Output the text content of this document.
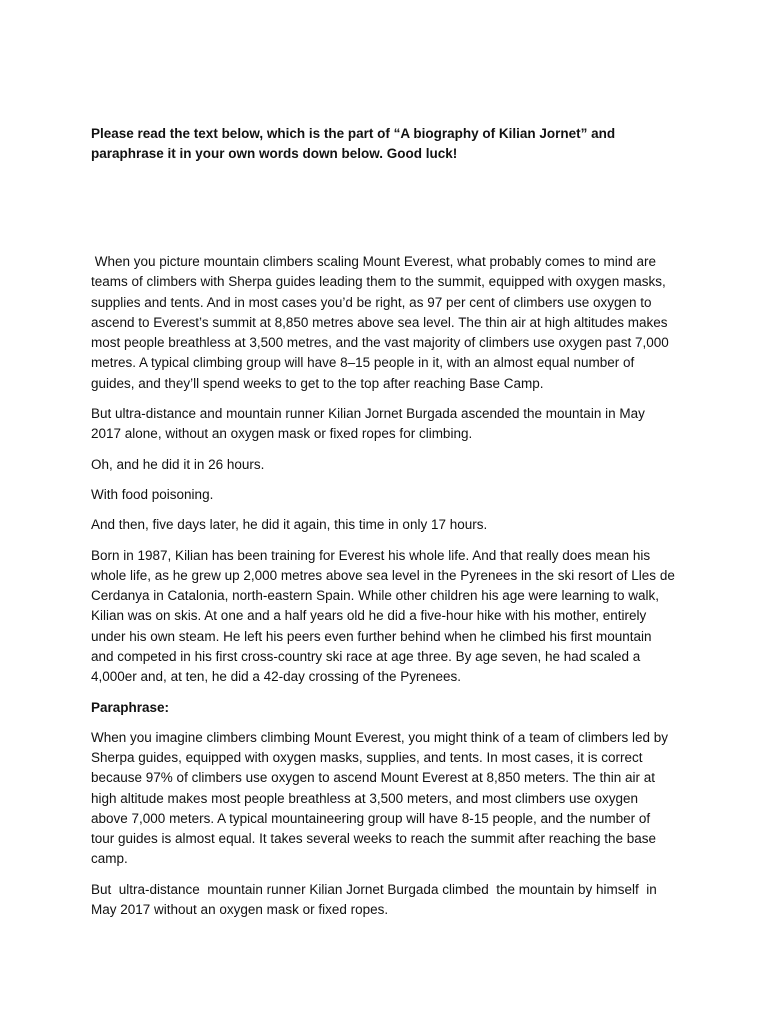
Please read the text below, which is the part of “A biography of Kilian Jornet” and paraphrase it in your own words down below. Good luck!

When you picture mountain climbers scaling Mount Everest, what probably comes to mind are teams of climbers with Sherpa guides leading them to the summit, equipped with oxygen masks, supplies and tents. And in most cases you’d be right, as 97 per cent of climbers use oxygen to ascend to Everest’s summit at 8,850 metres above sea level. The thin air at high altitudes makes most people breathless at 3,500 metres, and the vast majority of climbers use oxygen past 7,000 metres. A typical climbing group will have 8–15 people in it, with an almost equal number of guides, and they’ll spend weeks to get to the top after reaching Base Camp.

But ultra-distance and mountain runner Kilian Jornet Burgada ascended the mountain in May 2017 alone, without an oxygen mask or fixed ropes for climbing.

Oh, and he did it in 26 hours.

With food poisoning.

And then, five days later, he did it again, this time in only 17 hours.

Born in 1987, Kilian has been training for Everest his whole life. And that really does mean his whole life, as he grew up 2,000 metres above sea level in the Pyrenees in the ski resort of Lles de Cerdanya in Catalonia, north-eastern Spain. While other children his age were learning to walk, Kilian was on skis. At one and a half years old he did a five-hour hike with his mother, entirely under his own steam. He left his peers even further behind when he climbed his first mountain and competed in his first cross-country ski race at age three. By age seven, he had scaled a 4,000er and, at ten, he did a 42-day crossing of the Pyrenees.

Paraphrase:

When you imagine climbers climbing Mount Everest, you might think of a team of climbers led by Sherpa guides, equipped with oxygen masks, supplies, and tents. In most cases, it is correct because 97% of climbers use oxygen to ascend Mount Everest at 8,850 meters. The thin air at high altitude makes most people breathless at 3,500 meters, and most climbers use oxygen above 7,000 meters. A typical mountaineering group will have 8-15 people, and the number of tour guides is almost equal. It takes several weeks to reach the summit after reaching the base camp.

But  ultra-distance  mountain runner Kilian Jornet Burgada climbed  the mountain by himself  in May 2017 without an oxygen mask or fixed ropes.
